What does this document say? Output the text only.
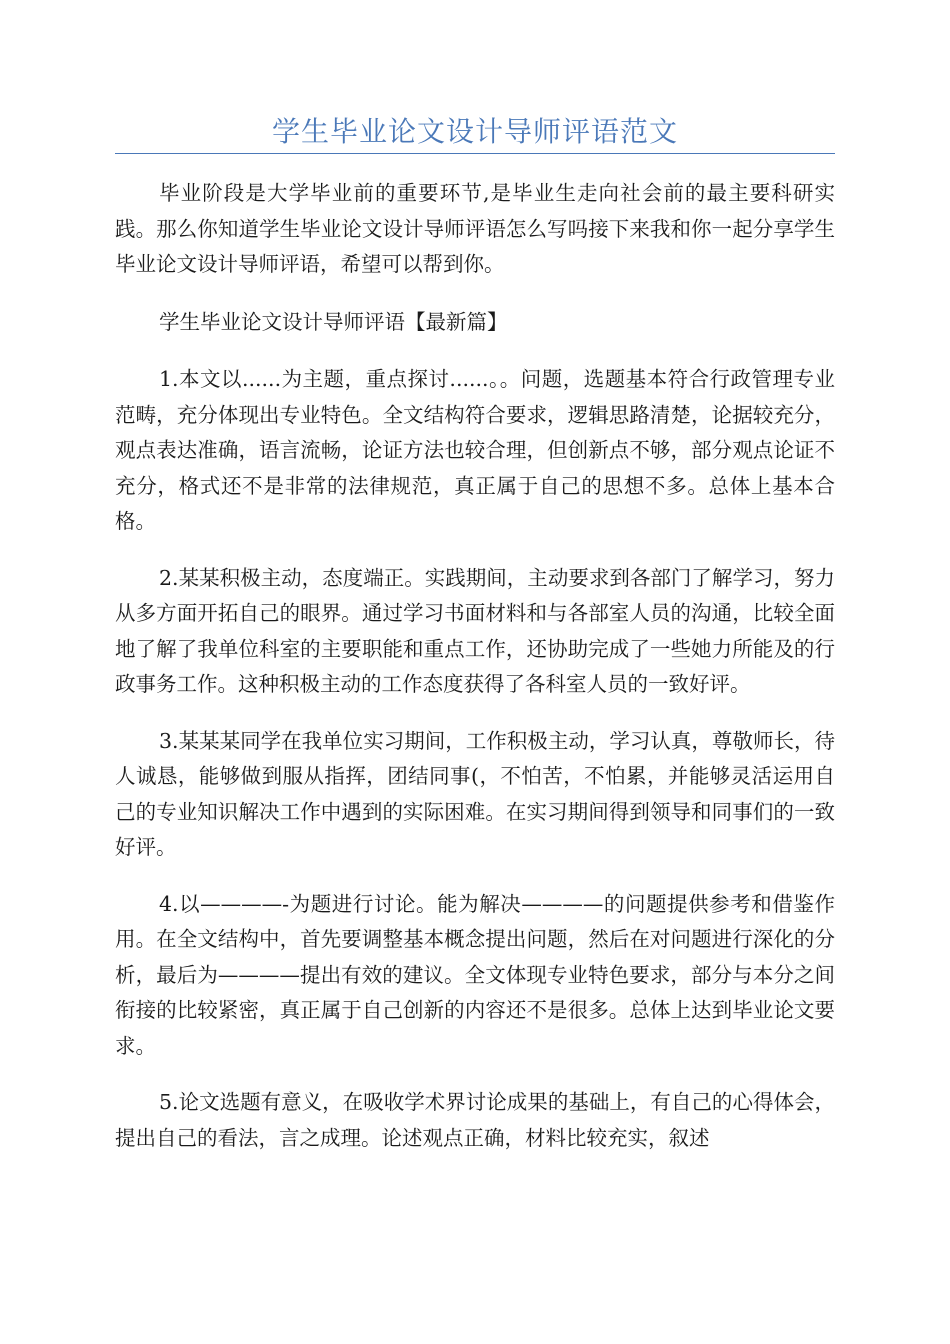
学生毕业论文设计导师评语范文

毕业阶段是大学毕业前的重要环节,是毕业生走向社会前的最主要科研实践。那么你知道学生毕业论文设计导师评语怎么写吗接下来我和你一起分享学生毕业论文设计导师评语，希望可以帮到你。

学生毕业论文设计导师评语【最新篇】

1.本文以......为主题，重点探讨......。。问题，选题基本符合行政管理专业范畴，充分体现出专业特色。全文结构符合要求，逻辑思路清楚，论据较充分，观点表达准确，语言流畅，论证方法也较合理，但创新点不够，部分观点论证不充分，格式还不是非常的法律规范，真正属于自己的思想不多。总体上基本合格。

2.某某积极主动，态度端正。实践期间，主动要求到各部门了解学习，努力从多方面开拓自己的眼界。通过学习书面材料和与各部室人员的沟通，比较全面地了解了我单位科室的主要职能和重点工作，还协助完成了一些她力所能及的行政事务工作。这种积极主动的工作态度获得了各科室人员的一致好评。

3.某某某同学在我单位实习期间，工作积极主动，学习认真，尊敬师长，待人诚恳，能够做到服从指挥，团结同事(，不怕苦，不怕累，并能够灵活运用自己的专业知识解决工作中遇到的实际困难。在实习期间得到领导和同事们的一致好评。

4.以————-为题进行讨论。能为解决————的问题提供参考和借鉴作用。在全文结构中，首先要调整基本概念提出问题，然后在对问题进行深化的分析，最后为————提出有效的建议。全文体现专业特色要求，部分与本分之间衔接的比较紧密，真正属于自己创新的内容还不是很多。总体上达到毕业论文要求。

5.论文选题有意义，在吸收学术界讨论成果的基础上，有自己的心得体会，提出自己的看法，言之成理。论述观点正确，材料比较充实，叙述
